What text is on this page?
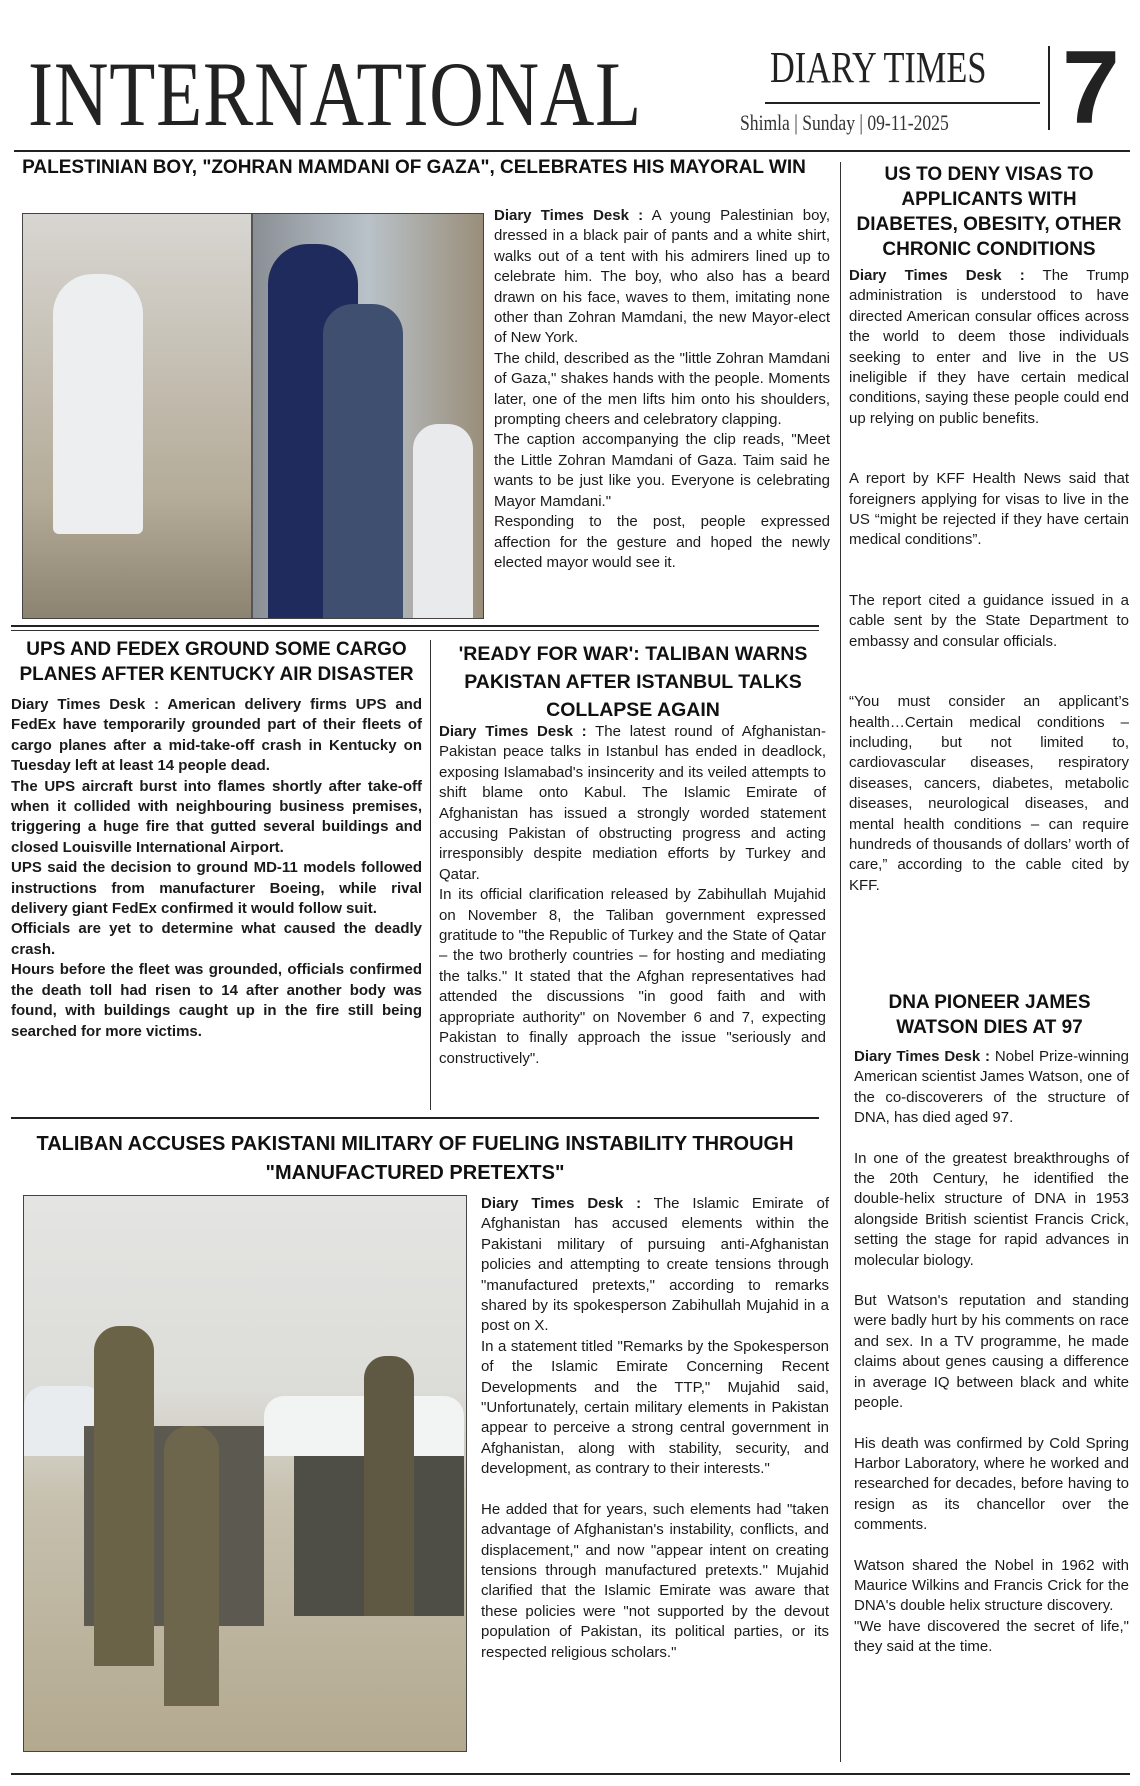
INTERNATIONAL	DIARY TIMES
Shimla | Sunday | 09-11-2025 7
PALESTINIAN BOY, "ZOHRAN MAMDANI OF GAZA", CELEBRATES HIS MAYORAL WIN

Diary Times Desk : A young Palestinian boy, dressed in a black pair of pants and a white shirt, walks out of a tent with his admirers lined up to celebrate him. The boy, who also has a beard drawn on his face, waves to them, imitating none other than Zohran Mamdani, the new Mayor-elect of New York.

The child, described as the "little Zohran Mamdani of Gaza," shakes hands with the people. Moments later, one of the men lifts him onto his shoulders, prompting cheers and celebratory clapping.

The caption accompanying the clip reads, "Meet the Little Zohran Mamdani of Gaza. Taim said he wants to be just like you. Everyone is celebrating Mayor Mamdani."

Responding to the post, people expressed affection for the gesture and hoped the newly elected mayor would see it.

UPS AND FEDEX GROUND SOME CARGO PLANES AFTER KENTUCKY AIR DISASTER

Diary Times Desk : American delivery firms UPS and FedEx have temporarily grounded part of their fleets of cargo planes after a mid-take-off crash in Kentucky on Tuesday left at least 14 people dead.

The UPS aircraft burst into flames shortly after take-off when it collided with neighbouring business premises, triggering a huge fire that gutted several buildings and closed Louisville International Airport.

UPS said the decision to ground MD-11 models followed instructions from manufacturer Boeing, while rival delivery giant FedEx confirmed it would follow suit.

Officials are yet to determine what caused the deadly crash.

Hours before the fleet was grounded, officials confirmed the death toll had risen to 14 after another body was found, with buildings caught up in the fire still being searched for more victims.

'READY FOR WAR': TALIBAN WARNS PAKISTAN AFTER ISTANBUL TALKS COLLAPSE AGAIN

Diary Times Desk : The latest round of Afghanistan-Pakistan peace talks in Istanbul has ended in deadlock, exposing Islamabad's insincerity and its veiled attempts to shift blame onto Kabul. The Islamic Emirate of Afghanistan has issued a strongly worded statement accusing Pakistan of obstructing progress and acting irresponsibly despite mediation efforts by Turkey and Qatar.

In its official clarification released by Zabihullah Mujahid on November 8, the Taliban government expressed gratitude to "the Republic of Turkey and the State of Qatar – the two brotherly countries – for hosting and mediating the talks." It stated that the Afghan representatives had attended the discussions "in good faith and with appropriate authority" on November 6 and 7, expecting Pakistan to finally approach the issue "seriously and constructively".

TALIBAN ACCUSES PAKISTANI MILITARY OF FUELING INSTABILITY THROUGH "MANUFACTURED PRETEXTS"

Diary Times Desk : The Islamic Emirate of Afghanistan has accused elements within the Pakistani military of pursuing anti-Afghanistan policies and attempting to create tensions through "manufactured pretexts," according to remarks shared by its spokesperson Zabihullah Mujahid in a post on X.

In a statement titled "Remarks by the Spokesperson of the Islamic Emirate Concerning Recent Developments and the TTP," Mujahid said, "Unfortunately, certain military elements in Pakistan appear to perceive a strong central government in Afghanistan, along with stability, security, and development, as contrary to their interests."

He added that for years, such elements had "taken advantage of Afghanistan's instability, conflicts, and displacement," and now "appear intent on creating tensions through manufactured pretexts." Mujahid clarified that the Islamic Emirate was aware that these policies were "not supported by the devout population of Pakistan, its political parties, or its respected religious scholars."

US TO DENY VISAS TO APPLICANTS WITH DIABETES, OBESITY, OTHER CHRONIC CONDITIONS

Diary Times Desk : The Trump administration is understood to have directed American consular offices across the world to deem those individuals seeking to enter and live in the US ineligible if they have certain medical conditions, saying these people could end up relying on public benefits.

A report by KFF Health News said that foreigners applying for visas to live in the US “might be rejected if they have certain medical conditions”.

The report cited a guidance issued in a cable sent by the State Department to embassy and consular officials.

“You must consider an applicant’s health…Certain medical conditions – including, but not limited to, cardiovascular diseases, respiratory diseases, cancers, diabetes, metabolic diseases, neurological diseases, and mental health conditions – can require hundreds of thousands of dollars’ worth of care,” according to the cable cited by KFF.

DNA PIONEER JAMES WATSON DIES AT 97

Diary Times Desk : Nobel Prize-winning American scientist James Watson, one of the co-discoverers of the structure of DNA, has died aged 97.

In one of the greatest breakthroughs of the 20th Century, he identified the double-helix structure of DNA in 1953 alongside British scientist Francis Crick, setting the stage for rapid advances in molecular biology.

But Watson's reputation and standing were badly hurt by his comments on race and sex. In a TV programme, he made claims about genes causing a difference in average IQ between black and white people.

His death was confirmed by Cold Spring Harbor Laboratory, where he worked and researched for decades, before having to resign as its chancellor over the comments.

Watson shared the Nobel in 1962 with Maurice Wilkins and Francis Crick for the DNA's double helix structure discovery.

"We have discovered the secret of life," they said at the time.
